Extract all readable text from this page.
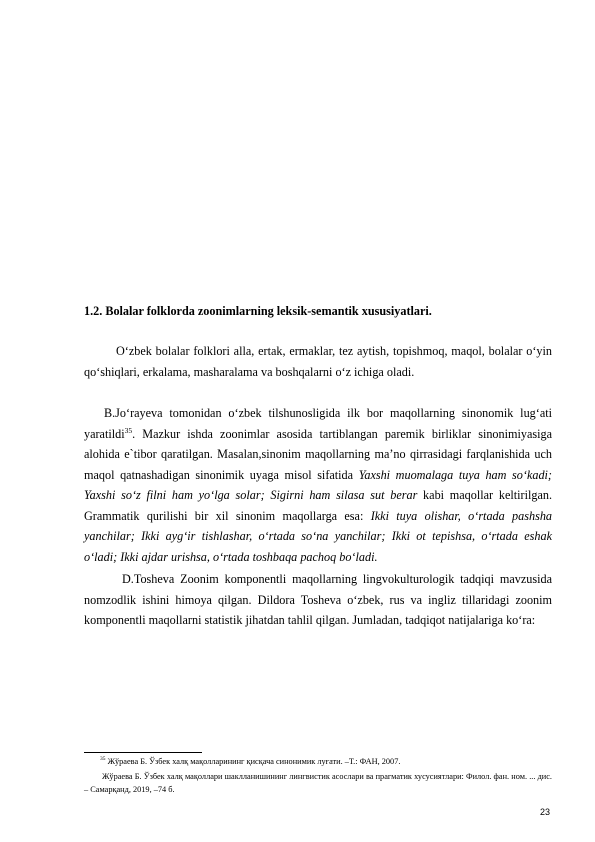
1.2. Bolalar folklorda zoonimlarning leksik-semantik xususiyatlari.
O‘zbek bolalar folklori alla, ertak, ermaklar, tez aytish, topishmoq, maqol, bolalar o‘yin qo‘shiqlari, erkalama, masharalama va boshqalarni o‘z ichiga oladi.
B.Jo‘rayeva tomonidan o‘zbek tilshunosligida ilk bor maqollarning sinonomik lug‘ati yaratildi$^{35}$. Mazkur ishda zoonimlar asosida tartiblangan paremik birliklar sinonimiyasiga alohida e`tibor qaratilgan. Masalan,sinonim maqollarning ma’no qirrasidagi farqlanishida uch maqol qatnashadigan sinonimik uyaga misol sifatida Yaxshi muomalaga tuya ham so‘kadi; Yaxshi so‘z filni ham yo‘lga solar; Sigirni ham silasa sut berar kabi maqollar keltirilgan. Grammatik qurilishi bir xil sinonim maqollarga esa: Ikki tuya olishar, o‘rtada pashsha yanchilar; Ikki ayg‘ir tishlashar, o‘rtada so‘na yanchilar; Ikki ot tepishsa, o‘rtada eshak o‘ladi; Ikki ajdar urishsa, o‘rtada toshbaqa pachoq bo‘ladi.
D.Tosheva Zoonim komponentli maqollarning lingvokulturologik tadqiqi mavzusida nomzodlik ishini himoya qilgan. Dildora Tosheva o‘zbek, rus va ingliz tillaridagi zoonim komponentli maqollarni statistik jihatdan tahlil qilgan. Jumladan, tadqiqot natijalariga ko‘ra:
$^{35}$ Жўраева Б. Ўзбек халқ мақолларининг қисқача синонимик луғати. –Т.: ФАН, 2007.
Жўраева Б. Ўзбек халқ мақоллари шаклланишининг лингвистик асослари ва прагматик хусусиятлари: Филол. фан. ном. ... дис. – Самарқанд, 2019, –74 б.
23
